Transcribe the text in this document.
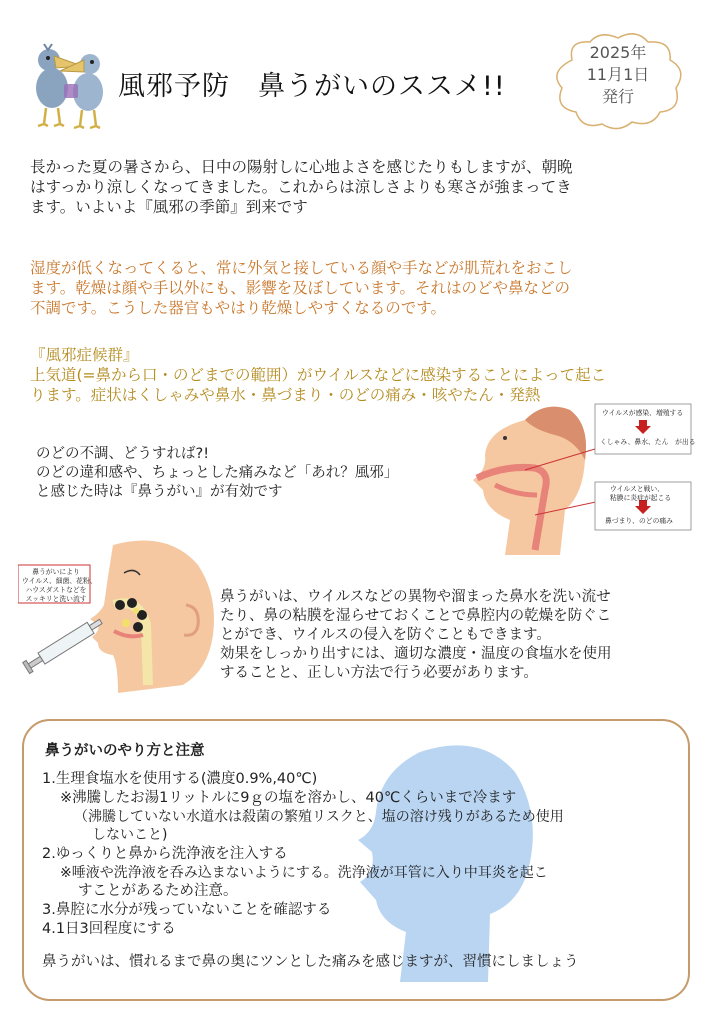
風邪予防　鼻うがいのススメ!!
2025年
11月1日
発行
長かった夏の暑さから、日中の陽射しに心地よさを感じたりもしますが、朝晩
はすっかり涼しくなってきました。これからは涼しさよりも寒さが強まってき
ます。いよいよ『風邪の季節』到来です
湿度が低くなってくると、常に外気と接している顔や手などが肌荒れをおこし
ます。乾燥は顔や手以外にも、影響を及ぼしています。それはのどや鼻などの
不調です。こうした器官もやはり乾燥しやすくなるのです。
『風邪症候群』
上気道(=鼻から口・のどまでの範囲）がウイルスなどに感染することによって起こ
ります。症状はくしゃみや鼻水・鼻づまり・のどの痛み・咳やたん・発熱
のどの不調、どうすれば?!
のどの違和感や、ちょっとした痛みなど「あれ？風邪」
と感じた時は『鼻うがい』が有効です
ウイルスが感染、増殖する
くしゃみ、鼻水、たん　が出る
ウイルスと戦い、
粘膜に炎症が起こる
鼻づまり、のどの痛み
鼻うがいにより
ウイルス、細菌、花粉、
ハウスダストなどを
スッキリと洗い流す	鼻うがいは、ウイルスなどの異物や溜まった鼻水を洗い流せ
たり、鼻の粘膜を湿らせておくことで鼻腔内の乾燥を防ぐこ
とができ、ウイルスの侵入を防ぐこともできます。
効果をしっかり出すには、適切な濃度・温度の食塩水を使用
することと、正しい方法で行う必要があります。
鼻うがいのやり方と注意
1.生理食塩水を使用する(濃度0.9%,40℃)
※沸騰したお湯1リットルに9ｇの塩を溶かし、40℃くらいまで冷ます
（沸騰していない水道水は殺菌の繁殖リスクと、塩の溶け残りがあるため使用
しないこと)
2.ゆっくりと鼻から洗浄液を注入する
※唾液や洗浄液を呑み込まないようにする。洗浄液が耳管に入り中耳炎を起こ
すことがあるため注意。
3.鼻腔に水分が残っていないことを確認する
4.1日3回程度にする
鼻うがいは、慣れるまで鼻の奥にツンとした痛みを感じますが、習慣にしましょう
